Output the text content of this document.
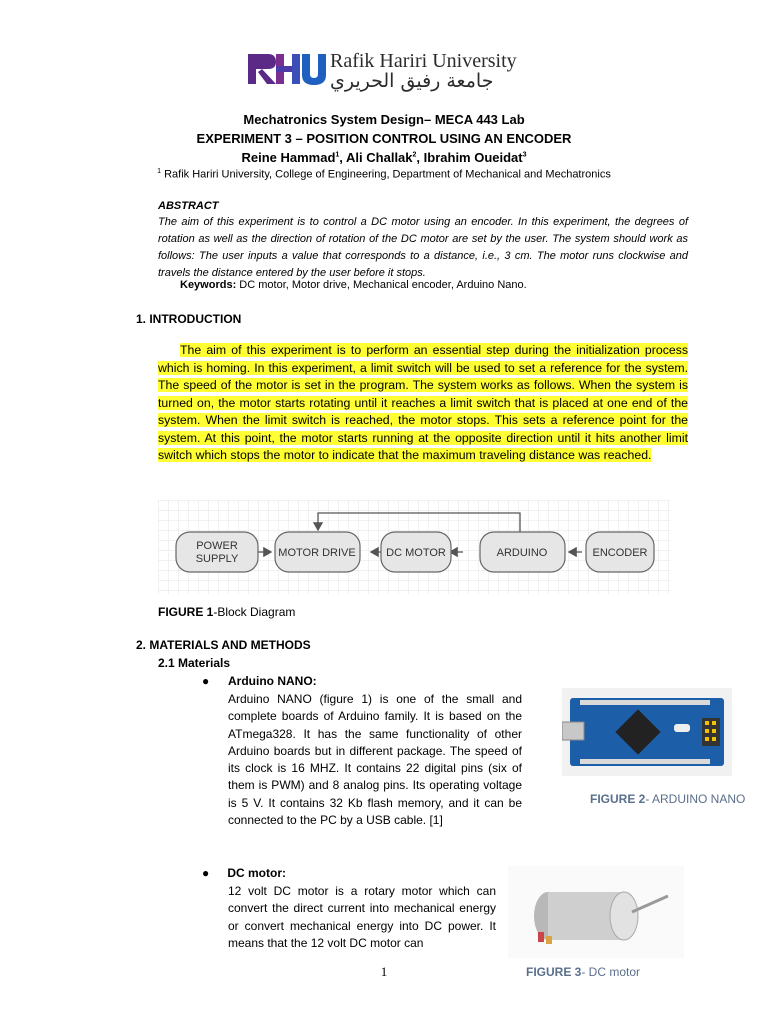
Rafik Hariri University
جامعة رفيق الحريري
Mechatronics System Design– MECA 443 Lab
EXPERIMENT 3 – POSITION CONTROL USING AN ENCODER
Reine Hammad$^1$, Ali Challak$^2$, Ibrahim Oueidat$^3$
$^1$ Rafik Hariri University, College of Engineering, Department of Mechanical and Mechatronics
ABSTRACT
The aim of this experiment is to control a DC motor using an encoder. In this experiment, the degrees of rotation as well as the direction of rotation of the DC motor are set by the user. The system should work as follows: The user inputs a value that corresponds to a distance, i.e., 3 cm. The motor runs clockwise and travels the distance entered by the user before it stops.
Keywords: DC motor, Motor drive, Mechanical encoder, Arduino Nano.
1. INTRODUCTION
The aim of this experiment is to perform an essential step during the initialization process which is homing. In this experiment, a limit switch will be used to set a reference for the system. The speed of the motor is set in the program. The system works as follows. When the system is turned on, the motor starts rotating until it reaches a limit switch that is placed at one end of the system. When the limit switch is reached, the motor stops. This sets a reference point for the system. At this point, the motor starts running at the opposite direction until it hits another limit switch which stops the motor to indicate that the maximum traveling distance was reached.
POWER
SUPPLY	MOTOR DRIVE	DC MOTOR	ARDUINO	ENCODER
FIGURE 1-Block Diagram
2. MATERIALS AND METHODS
2.1 Materials
● Arduino NANO:
Arduino NANO (figure 1) is one of the small and complete boards of Arduino family. It is based on the ATmega328. It has the same functionality of other Arduino boards but in different package. The speed of its clock is 16 MHZ. It contains 22 digital pins (six of them is PWM) and 8 analog pins. Its operating voltage is 5 V. It contains 32 Kb flash memory, and it can be connected to the PC by a USB cable. [1]
FIGURE 2- ARDUINO NANO
● DC motor:
12 volt DC motor is a rotary motor which can convert the direct current into mechanical energy or convert mechanical energy into DC power. It means that the 12 volt DC motor can
FIGURE 3- DC motor
1
